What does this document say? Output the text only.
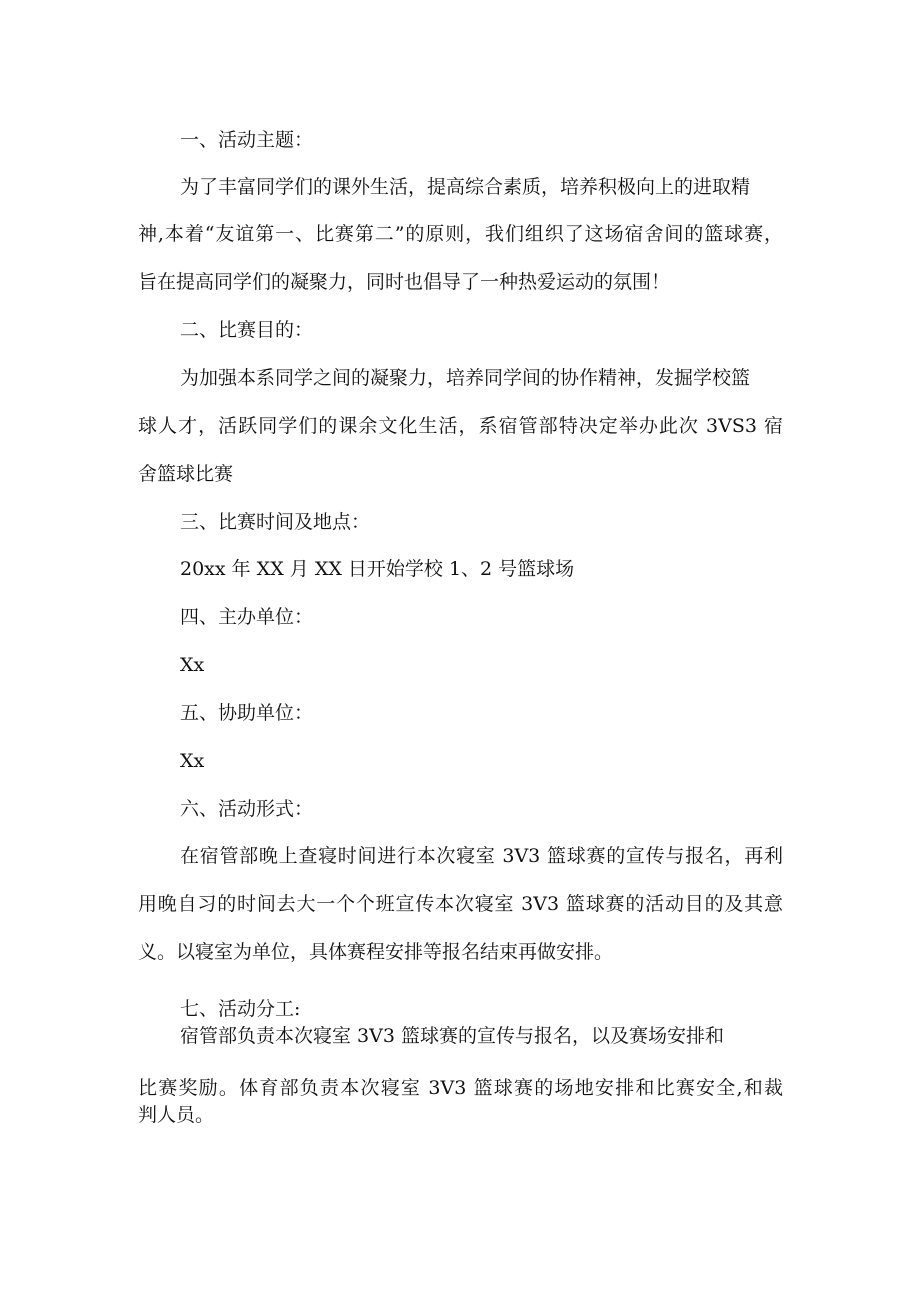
一、活动主题：

为了丰富同学们的课外生活，提高综合素质，培养积极向上的进取精

神,本着“友谊第一、比赛第二”的原则，我们组织了这场宿舍间的篮球赛，

旨在提高同学们的凝聚力，同时也倡导了一种热爱运动的氛围！

二、比赛目的：

为加强本系同学之间的凝聚力，培养同学间的协作精神，发掘学校篮

球人才，活跃同学们的课余文化生活，系宿管部特决定举办此次 3VS3 宿

舍篮球比赛

三、比赛时间及地点：

20xx 年 XX 月 XX 日开始学校 1、2 号篮球场

四、主办单位：

Xx

五、协助单位：

Xx

六、活动形式：

在宿管部晚上查寝时间进行本次寝室 3V3 篮球赛的宣传与报名，再利

用晚自习的时间去大一个个班宣传本次寝室 3V3 篮球赛的活动目的及其意

义。以寝室为单位，具体赛程安排等报名结束再做安排。

七、活动分工:

宿管部负责本次寝室 3V3 篮球赛的宣传与报名，以及赛场安排和

比赛奖励。体育部负责本次寝室 3V3 篮球赛的场地安排和比赛安全,和裁

判人员。
